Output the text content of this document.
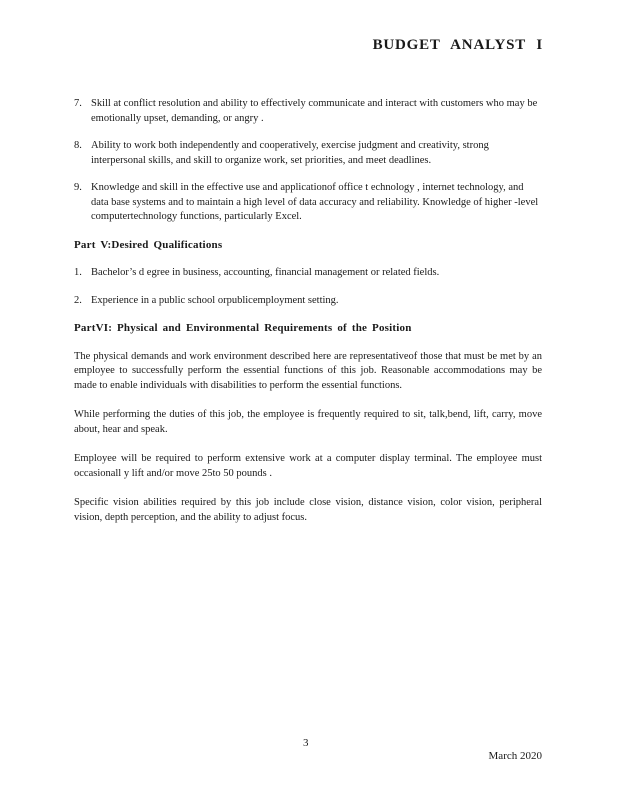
BUDGET ANALYST I
7. Skill at conflict resolution and ability to effectively communicate and interact with customers who may be emotionally upset, demanding, or angry .
8. Ability to work both independently and cooperatively, exercise judgment and creativity, strong interpersonal skills, and skill to organize work, set priorities, and meet deadlines.
9. Knowledge and skill in the effective use and applicationof office t echnology , internet technology, and data base systems and to maintain a high level of data accuracy and reliability. Knowledge of higher -level computertechnology functions, particularly Excel.
Part V:Desired Qualifications
1. Bachelor’s d egree in business, accounting, financial management or related fields.
2. Experience in a public school orpublicemployment setting.
PartVI: Physical and Environmental Requirements of the Position

The physical demands and work environment described here are representativeof those that must be met by an employee to successfully perform the essential functions of this job. Reasonable accommodations may be made to enable individuals with disabilities to perform the essential functions.

While performing the duties of this job, the employee is frequently required to sit, talk,bend, lift, carry, move about, hear and speak.

Employee will be required to perform extensive work at a computer display terminal. The employee must occasionall y lift and/or move 25to 50 pounds .

Specific vision abilities required by this job include close vision, distance vision, color vision, peripheral vision, depth perception, and the ability to adjust focus.

3
March 2020
